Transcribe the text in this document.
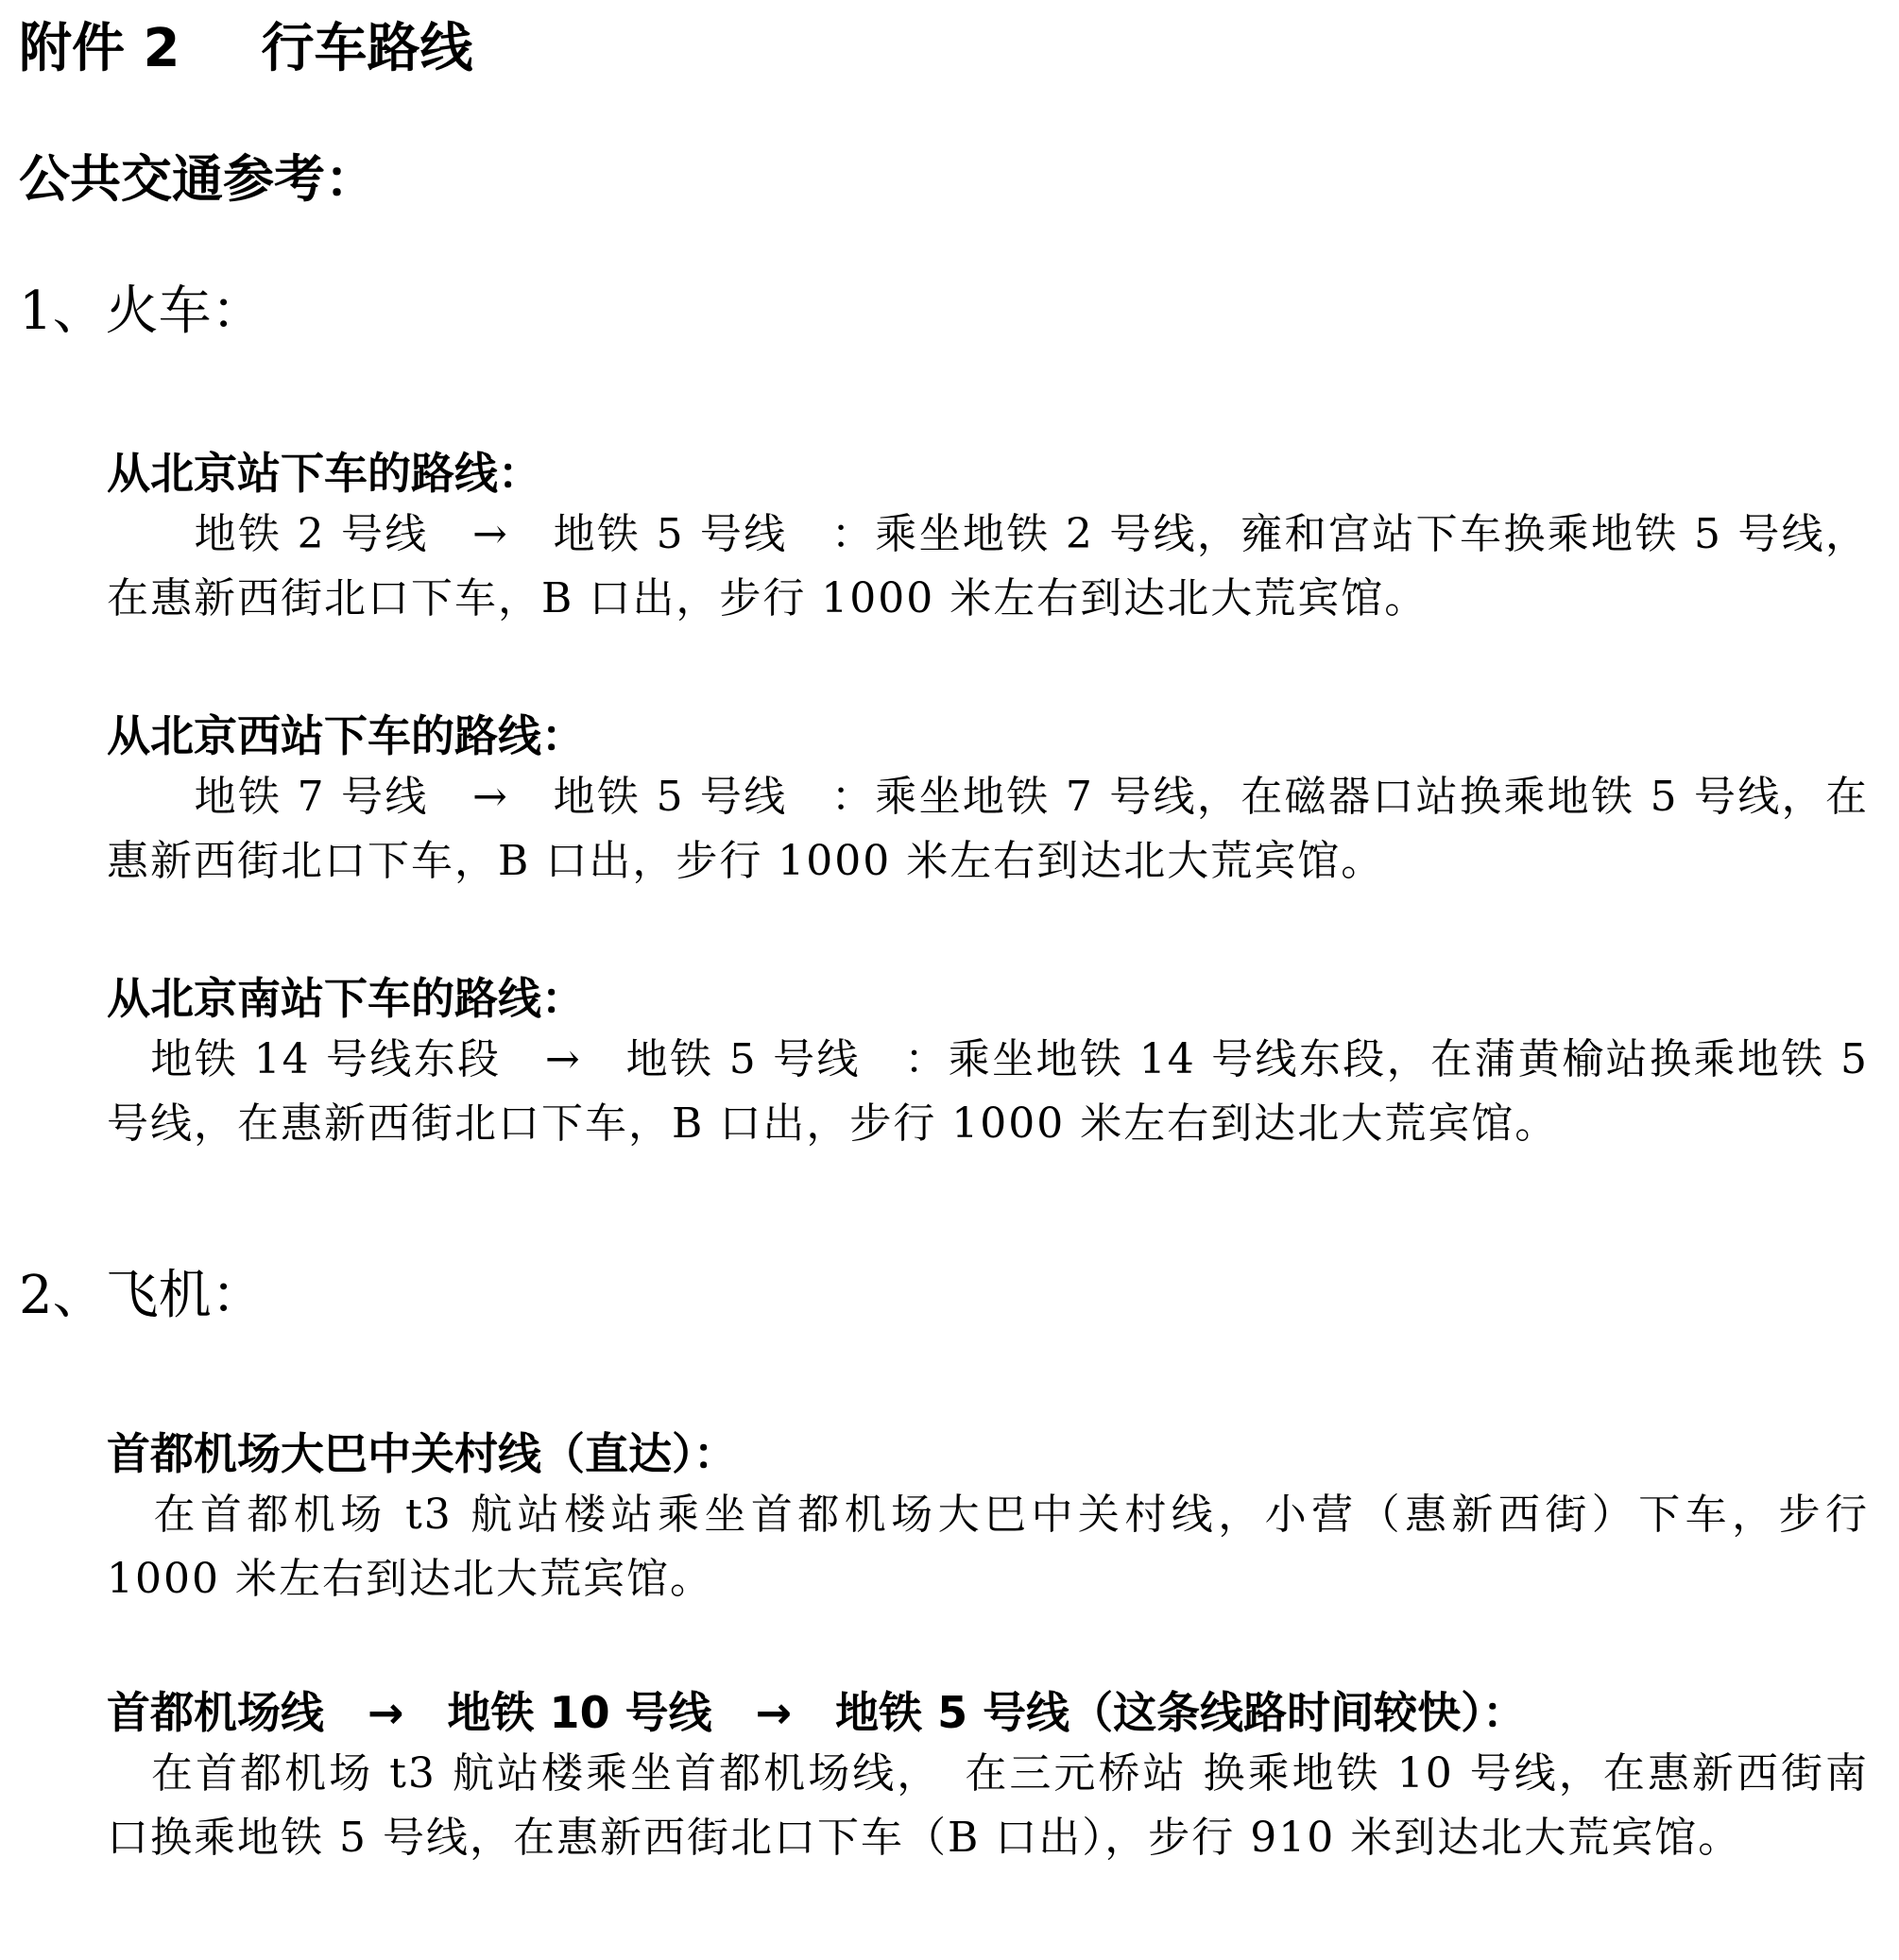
附件 2 行车路线
公共交通参考：
1、火车：
从北京站下车的路线：

　　地铁 2 号线　→　地铁 5 号线　：乘坐地铁 2 号线，雍和宫站下车换乘地铁 5 号线，在惠新西街北口下车，B 口出，步行 1000 米左右到达北大荒宾馆。

从北京西站下车的路线：

　　地铁 7 号线　→　地铁 5 号线　：乘坐地铁 7 号线，在磁器口站换乘地铁 5 号线，在惠新西街北口下车，B 口出，步行 1000 米左右到达北大荒宾馆。

从北京南站下车的路线：

　地铁 14 号线东段　→　地铁 5 号线　：乘坐地铁 14 号线东段，在蒲黄榆站换乘地铁 5 号线，在惠新西街北口下车，B 口出，步行 1000 米左右到达北大荒宾馆。

2、飞机：
首都机场大巴中关村线（直达）：

　在首都机场 t3 航站楼站乘坐首都机场大巴中关村线，小营（惠新西街）下车，步行 1000 米左右到达北大荒宾馆。

首都机场线　→　地铁 10 号线　→　地铁 5 号线（这条线路时间较快）：

　在首都机场 t3 航站楼乘坐首都机场线，　在三元桥站 换乘地铁 10 号线，在惠新西街南口换乘地铁 5 号线，在惠新西街北口下车（B 口出），步行 910 米到达北大荒宾馆。
